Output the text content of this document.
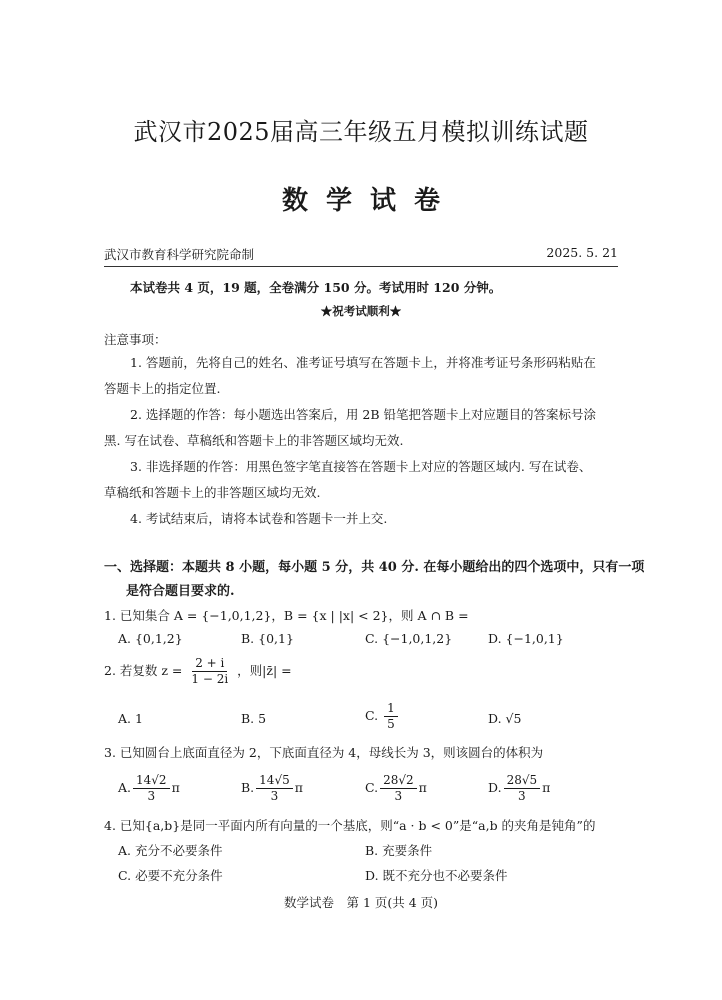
武汉市2025届高三年级五月模拟训练试题
数 学 试 卷
武汉市教育科学研究院命制	2025. 5. 21
本试卷共 4 页，19 题，全卷满分 150 分。考试用时 120 分钟。
★祝考试顺利★
注意事项：
1. 答题前，先将自己的姓名、准考证号填写在答题卡上，并将准考证号条形码粘贴在
答题卡上的指定位置.
2. 选择题的作答：每小题选出答案后，用 2B 铅笔把答题卡上对应题目的答案标号涂
黑. 写在试卷、草稿纸和答题卡上的非答题区域均无效.
3. 非选择题的作答：用黑色签字笔直接答在答题卡上对应的答题区域内. 写在试卷、
草稿纸和答题卡上的非答题区域均无效.
4. 考试结束后，请将本试卷和答题卡一并上交.
一、选择题：本题共 8 小题，每小题 5 分，共 40 分. 在每小题给出的四个选项中，只有一项
是符合题目要求的.
1. 已知集合 A = {−1,0,1,2}，B = {x | |x| < 2}，则 A ∩ B =
A. {0,1,2}	B. {0,1}	C. {−1,0,1,2}	D. {−1,0,1}
2. 若复数 $z = \frac{2 + i}{1 - 2i}$ ，则|z̄| =
A. 1	B. 5	C. $\frac{1}{5}$	D. √5
3. 已知圆台上底面直径为 2，下底面直径为 4，母线长为 3，则该圆台的体积为
A. $\frac{14√2}{3}$ π	B. $\frac{14√5}{3}$ π	C. $\frac{28√2}{3}$ π	D. $\frac{28√5}{3}$ π
4. 已知{a,b}是同一平面内所有向量的一个基底，则“a · b < 0”是“a,b 的夹角是钝角”的
A. 充分不必要条件	B. 充要条件
C. 必要不充分条件	D. 既不充分也不必要条件
数学试卷　第 1 页(共 4 页)
